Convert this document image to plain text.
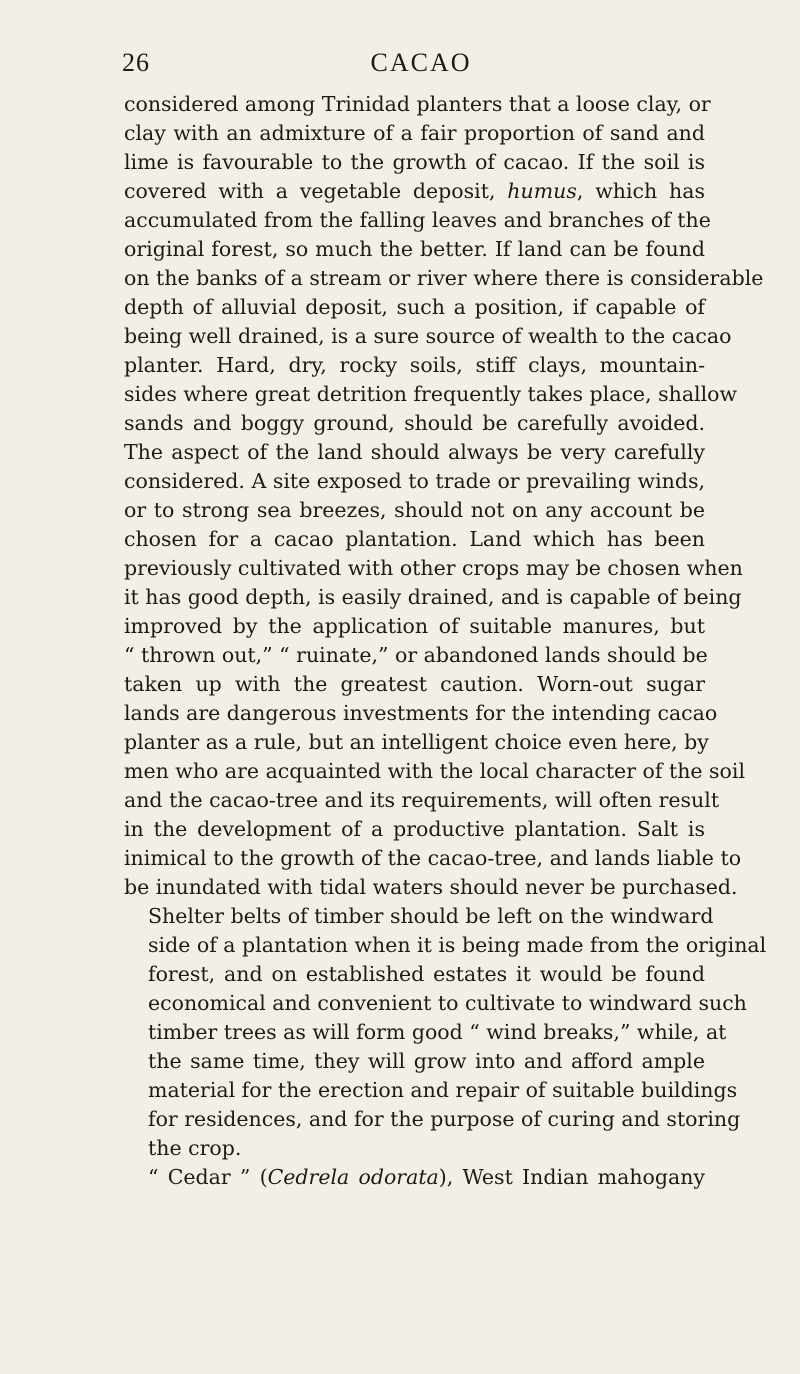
26	CACAO

considered among Trinidad planters that a loose clay, or
clay with an admixture of a fair proportion of sand and
lime is favourable to the growth of cacao. If the soil is
covered with a vegetable deposit, humus, which has
accumulated from the falling leaves and branches of the
original forest, so much the better. If land can be found
on the banks of a stream or river where there is considerable
depth of alluvial deposit, such a position, if capable of
being well drained, is a sure source of wealth to the cacao
planter. Hard, dry, rocky soils, stiff clays, mountain-
sides where great detrition frequently takes place, shallow
sands and boggy ground, should be carefully avoided.
The aspect of the land should always be very carefully
considered. A site exposed to trade or prevailing winds,
or to strong sea breezes, should not on any account be
chosen for a cacao plantation. Land which has been
previously cultivated with other crops may be chosen when
it has good depth, is easily drained, and is capable of being
improved by the application of suitable manures, but
“ thrown out,” “ ruinate,” or abandoned lands should be
taken up with the greatest caution. Worn-out sugar
lands are dangerous investments for the intending cacao
planter as a rule, but an intelligent choice even here, by
men who are acquainted with the local character of the soil
and the cacao-tree and its requirements, will often result
in the development of a productive plantation. Salt is
inimical to the growth of the cacao-tree, and lands liable to
be inundated with tidal waters should never be purchased.

Shelter belts of timber should be left on the windward
side of a plantation when it is being made from the original
forest, and on established estates it would be found
economical and convenient to cultivate to windward such
timber trees as will form good “ wind breaks,” while, at
the same time, they will grow into and afford ample
material for the erection and repair of suitable buildings
for residences, and for the purpose of curing and storing
the crop.

“ Cedar ” (Cedrela odorata), West Indian mahogany
